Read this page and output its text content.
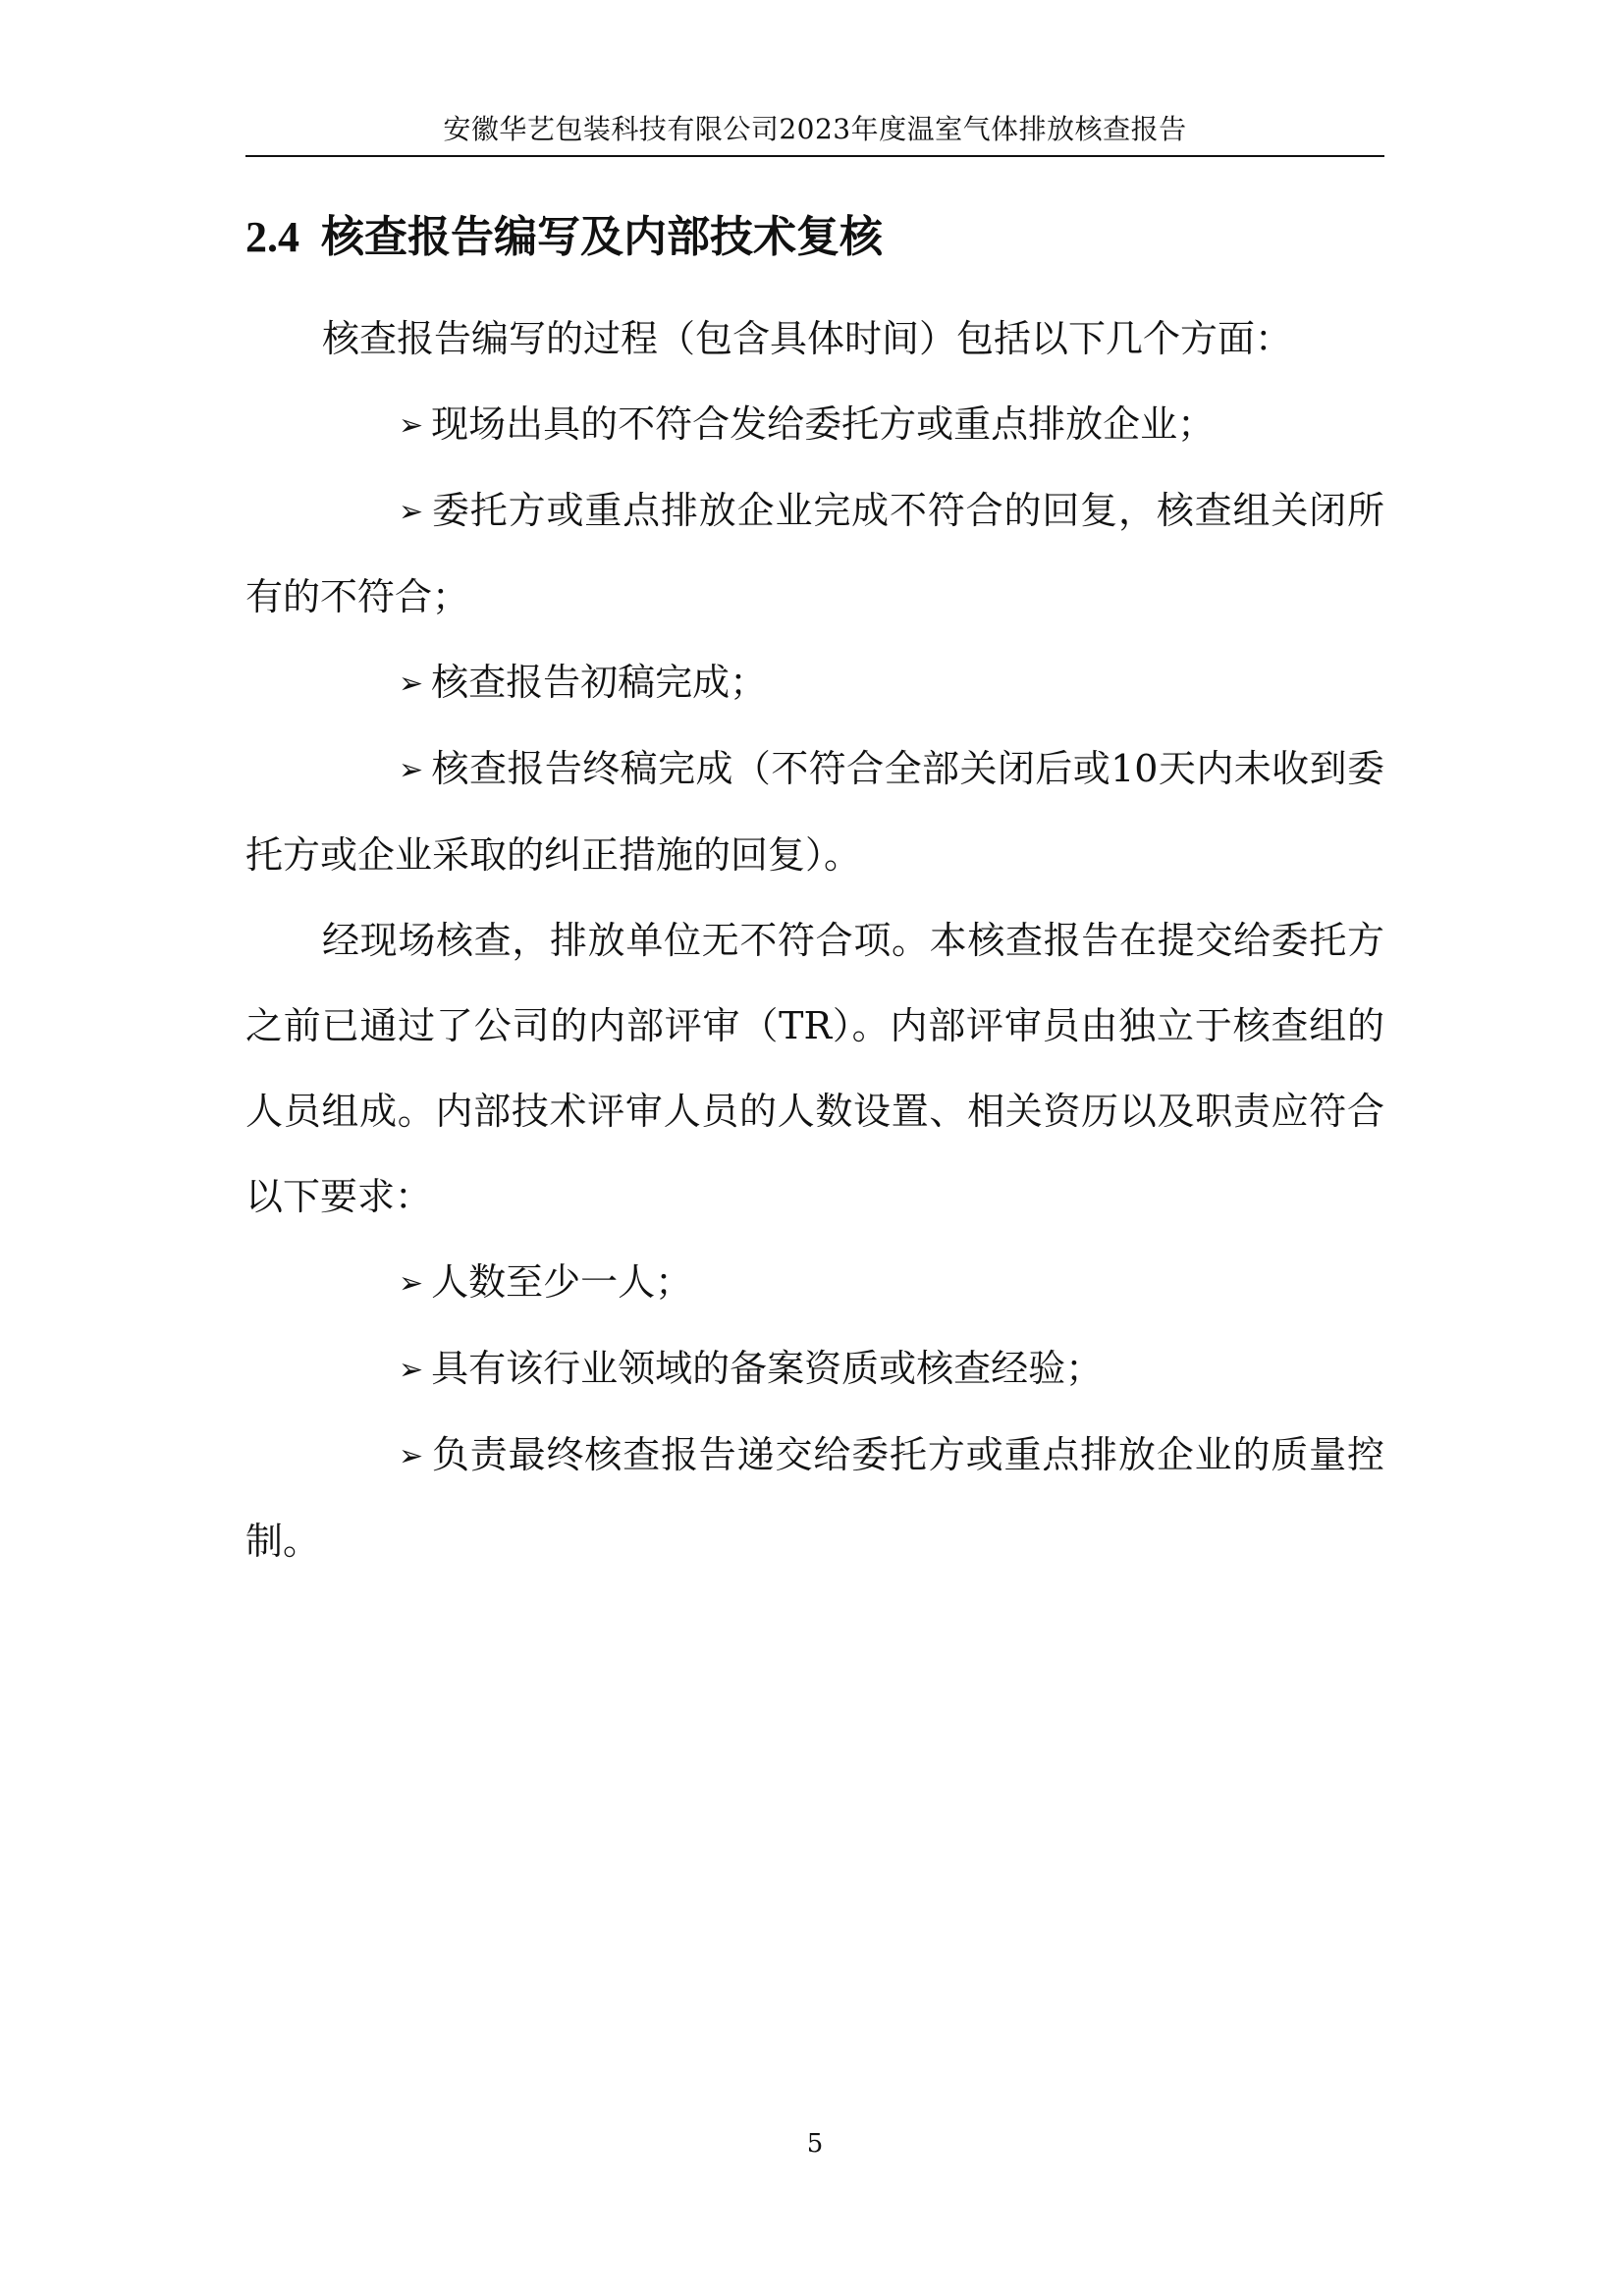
安徽华艺包装科技有限公司2023年度温室气体排放核查报告
2.4 核查报告编写及内部技术复核

核查报告编写的过程（包含具体时间）包括以下几个方面：

➢ 现场出具的不符合发给委托方或重点排放企业；

➢ 委托方或重点排放企业完成不符合的回复，核查组关闭所有的不符合；

➢ 核查报告初稿完成；

➢ 核查报告终稿完成（不符合全部关闭后或10天内未收到委托方或企业采取的纠正措施的回复）。

经现场核查，排放单位无不符合项。本核查报告在提交给委托方之前已通过了公司的内部评审（TR）。内部评审员由独立于核查组的人员组成。内部技术评审人员的人数设置、相关资历以及职责应符合以下要求：

➢ 人数至少一人；

➢ 具有该行业领域的备案资质或核查经验；

➢ 负责最终核查报告递交给委托方或重点排放企业的质量控制。

5
